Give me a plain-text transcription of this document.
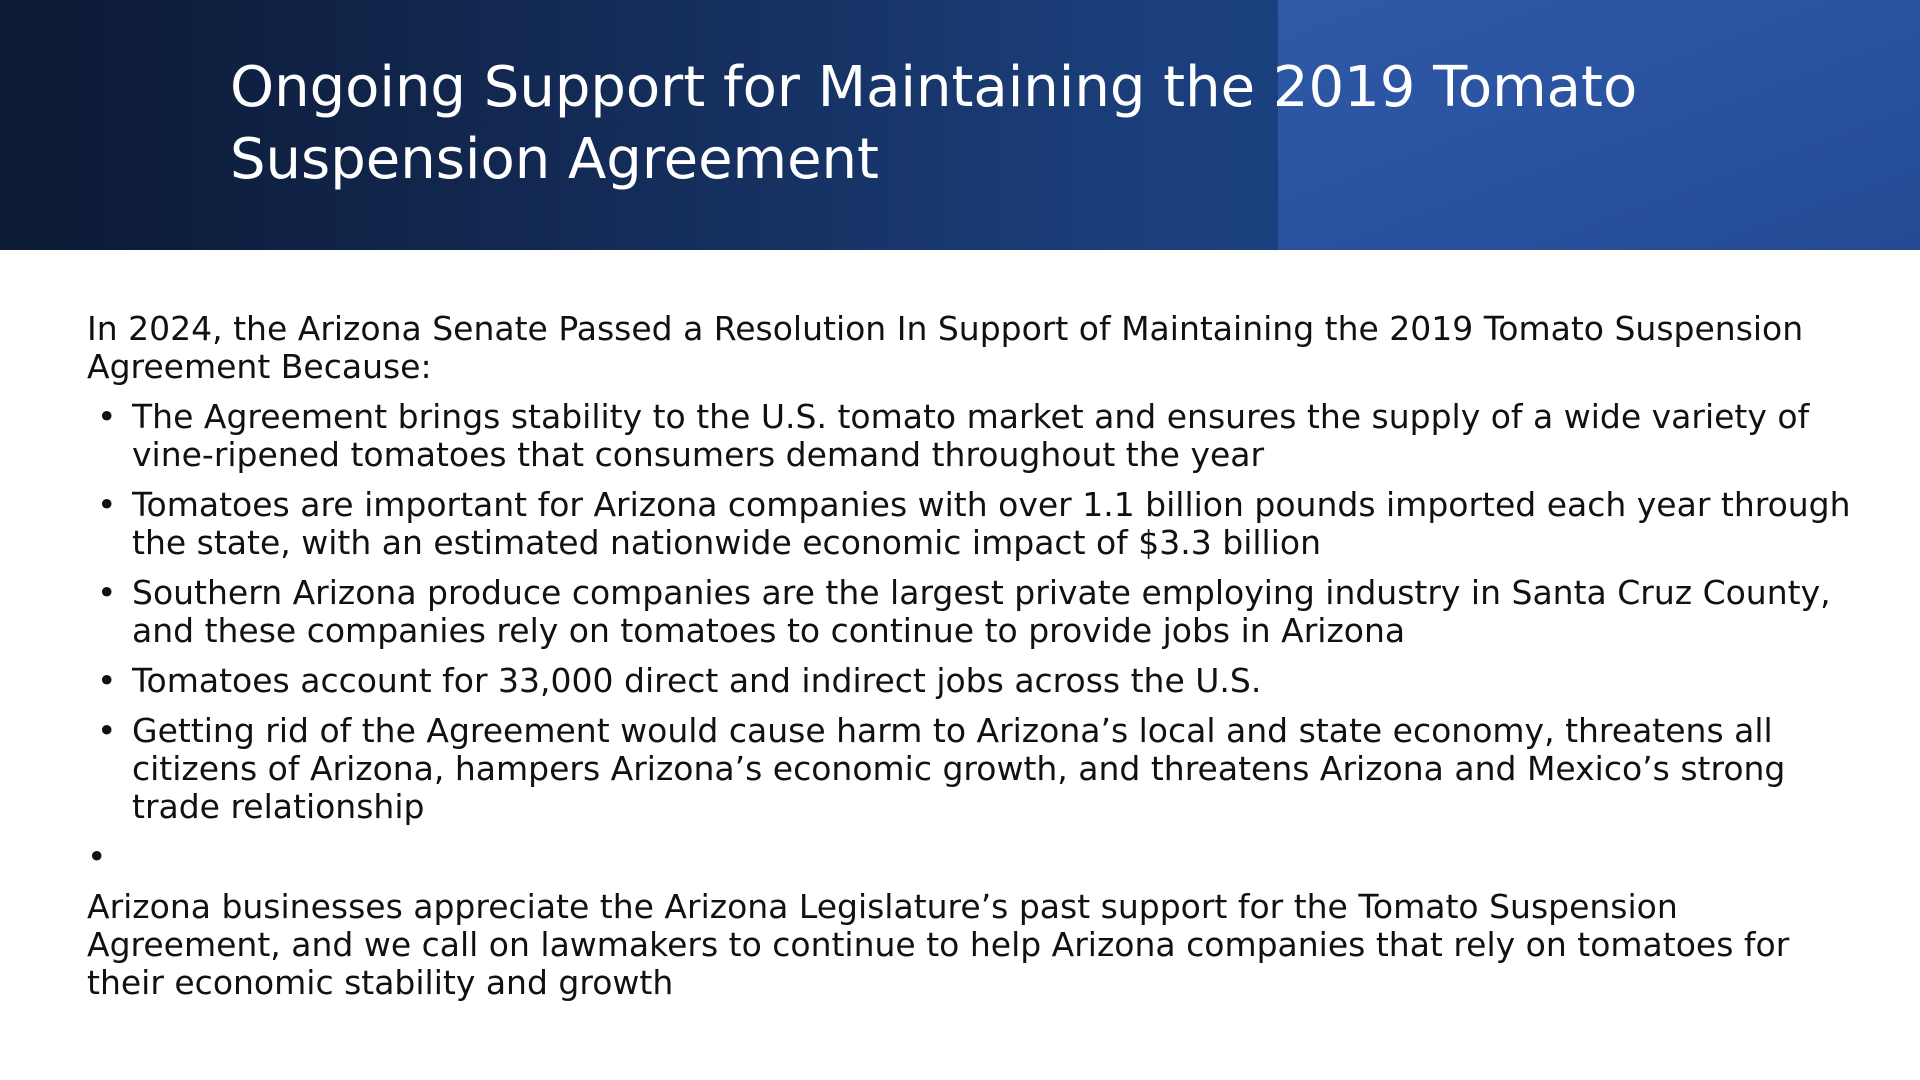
Ongoing Support for Maintaining the 2019 Tomato
Suspension Agreement

In 2024, the Arizona Senate Passed a Resolution In Support of Maintaining the 2019 Tomato Suspension
Agreement Because:

• The Agreement brings stability to the U.S. tomato market and ensures the supply of a wide variety of
vine-ripened tomatoes that consumers demand throughout the year
• Tomatoes are important for Arizona companies with over 1.1 billion pounds imported each year through
the state, with an estimated nationwide economic impact of $3.3 billion
• Southern Arizona produce companies are the largest private employing industry in Santa Cruz County,
and these companies rely on tomatoes to continue to provide jobs in Arizona
• Tomatoes account for 33,000 direct and indirect jobs across the U.S.
• Getting rid of the Agreement would cause harm to Arizona’s local and state economy, threatens all
citizens of Arizona, hampers Arizona’s economic growth, and threatens Arizona and Mexico’s strong
trade relationship
•

Arizona businesses appreciate the Arizona Legislature’s past support for the Tomato Suspension
Agreement, and we call on lawmakers to continue to help Arizona companies that rely on tomatoes for
their economic stability and growth
